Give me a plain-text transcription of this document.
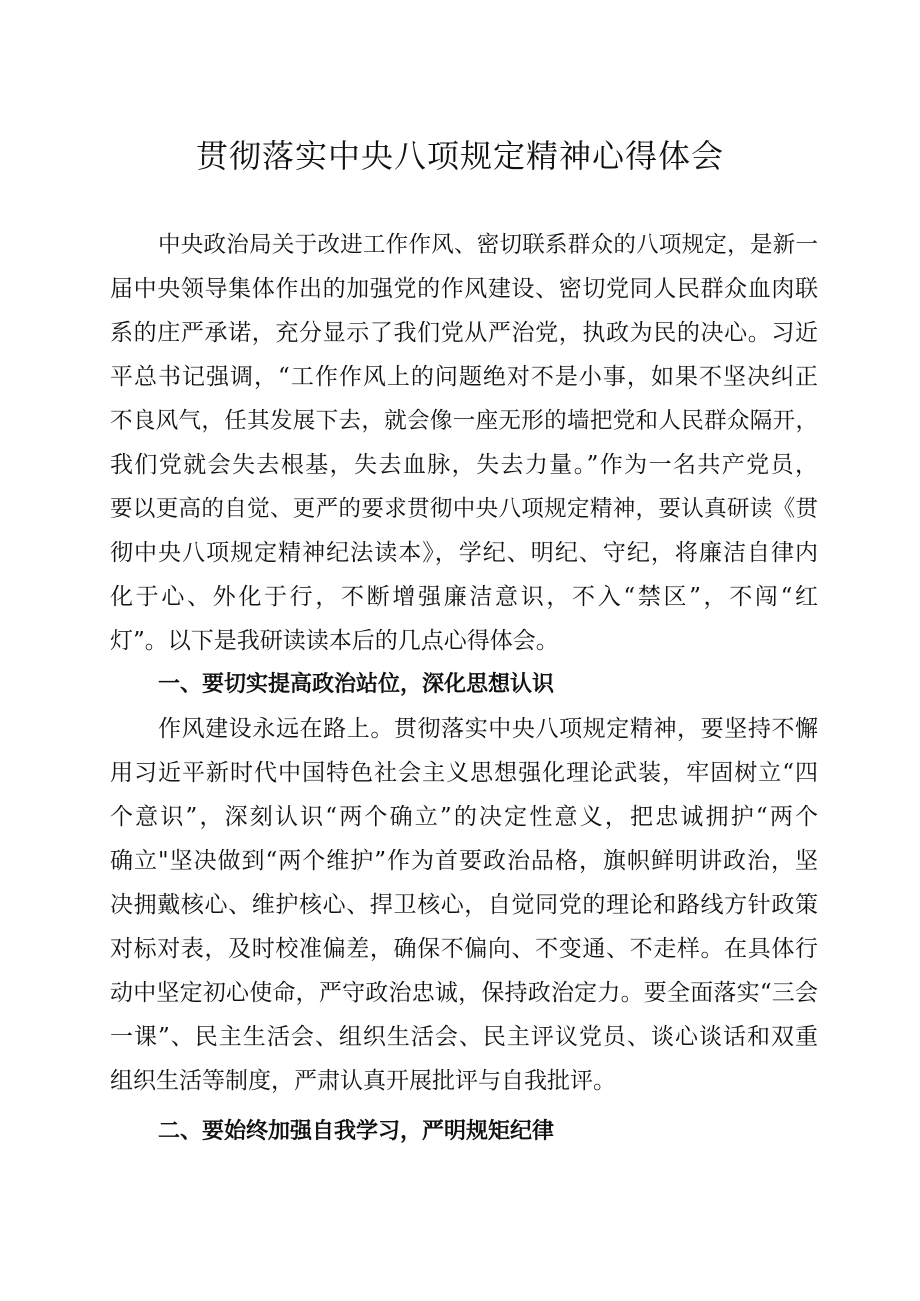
贯彻落实中央八项规定精神心得体会

中央政治局关于改进工作作风、密切联系群众的八项规定，是新一

届中央领导集体作出的加强党的作风建设、密切党同人民群众血肉联

系的庄严承诺，充分显示了我们党从严治党，执政为民的决心。习近

平总书记强调，“工作作风上的问题绝对不是小事，如果不坚决纠正

不良风气，任其发展下去，就会像一座无形的墙把党和人民群众隔开，

我们党就会失去根基，失去血脉，失去力量。”作为一名共产党员，

要以更高的自觉、更严的要求贯彻中央八项规定精神，要认真研读《贯

彻中央八项规定精神纪法读本》，学纪、明纪、守纪，将廉洁自律内

化于心、外化于行，不断增强廉洁意识，不入“禁区”，不闯“红

灯”。以下是我研读读本后的几点心得体会。

一、要切实提高政治站位，深化思想认识

作风建设永远在路上。贯彻落实中央八项规定精神，要坚持不懈

用习近平新时代中国特色社会主义思想强化理论武装，牢固树立“四

个意识”，深刻认识“两个确立”的决定性意义，把忠诚拥护“两个

确立"坚决做到“两个维护”作为首要政治品格，旗帜鲜明讲政治，坚

决拥戴核心、维护核心、捍卫核心，自觉同党的理论和路线方针政策

对标对表，及时校准偏差，确保不偏向、不变通、不走样。在具体行

动中坚定初心使命，严守政治忠诚，保持政治定力。要全面落实“三会

一课”、民主生活会、组织生活会、民主评议党员、谈心谈话和双重

组织生活等制度，严肃认真开展批评与自我批评。

二、要始终加强自我学习，严明规矩纪律
